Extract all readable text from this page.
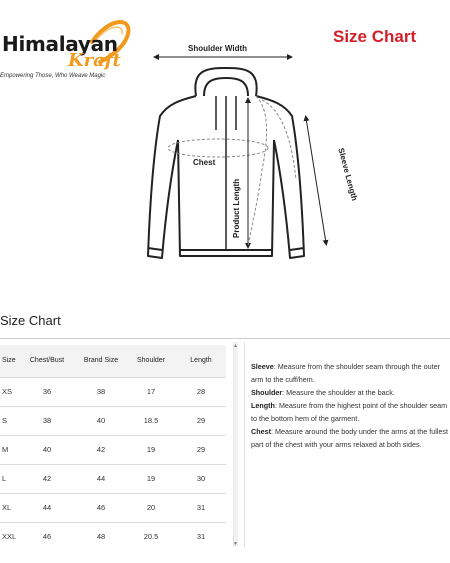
Himalayan
Kraft
Empowering Those, Who Weave Magic
Size Chart
Shoulder Width
Chest
Product Length
Sleeve Length
Size Chart
Size	Chest/Bust	Brand Size	Shoulder	Length
XS	36	38	17	28
S	38	40	18.5	29
M	40	42	19	29
L	42	44	19	30
XL	44	46	20	31
XXL	46	48	20.5	31
▲
▼

Sleeve: Measure from the shoulder seam through the outer arm to the cuff/hem.

Shoulder: Measure the shoulder at the back.

Length: Measure from the highest point of the shoulder seam to the bottom hem of the garment.

Chest: Measure around the body under the arms at the fullest part of the chest with your arms relaxed at both sides.
